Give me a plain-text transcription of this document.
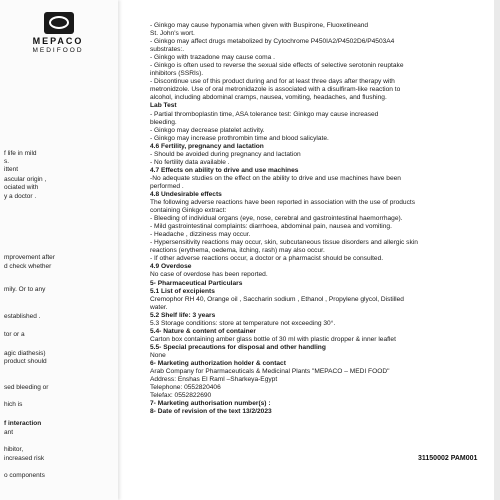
MEPACO
MEDIFOOD
f life in mild
s.
ittent
ascular origin ,
ociated with
y a doctor .
mprovement after
d check whether
mily. Or to any
established .
tor or a
agic diathesis)
product should
sed bleeding or
hich is
f interaction
ant
hibitor,
increased risk
o components
- Ginkgo may cause hyponamia when given with Buspirone, Fluoxetineand
St. John's wort.
- Ginkgo may affect drugs metabolized by Cytochrome P450IA2/P4502D6/P4503A4
substrates:.
- Ginkgo with trazadone may cause coma .
- Ginkgo is often used to reverse the sexual side effects of selective serotonin reuptake
inhibitors (SSRIs).
- Discontinue use of this product during and for at least three days after therapy with
metronidzole. Use of oral metronidazole is associated with a disulfiram-like reaction to
alcohol, including abdominal cramps, nausea, vomiting, headaches, and flushing.
Lab Test
- Partial thromboplastin time, ASA tolerance test: Ginkgo may cause increased
bleeding.
- Ginkgo may decrease platelet activity.
- Ginkgo may increase prothrombin time and blood salicylate.
4.6 Fertility, pregnancy and lactation
- Should be avoided during pregnancy and lactation
- No fertility data available .
4.7 Effects on ability to drive and use machines
-No adequate studies on the effect on the ability to drive and use machines have been
performed .
4.8 Undesirable effects
The following adverse reactions have been reported in association with the use of products
containing Ginkgo extract:
- Bleeding of individual organs (eye, nose, cerebral and gastrointestinal haemorrhage).
- Mild gastrointestinal complaints: diarrhoea, abdominal pain, nausea and vomiting.
- Headache , dizziness may occur.
- Hypersensitivity reactions may occur, skin, subcutaneous tissue disorders and allergic skin
reactions (erythema, oedema, itching, rash) may also occur.
- If other adverse reactions occur, a doctor or a pharmacist should be consulted.
4.9 Overdose
No case of overdose has been reported.
5- Pharmaceutical Particulars
5.1 List of excipients
Cremophor RH 40, Orange oil , Saccharin sodium , Ethanol , Propylene glycol, Distilled
water.
5.2 Shelf life: 3 years
5.3 Storage conditions: store at temperature not exceeding 30°.
5.4- Nature & content of container
Carton box containing amber glass bottle of 30 ml with plastic dropper & inner leaflet
5.5- Special precautions for disposal and other handling
None
6- Marketing authorization holder & contact
Arab Company for Pharmaceuticals & Medicinal Plants "MEPACO – MEDI FOOD"
Address: Enshas El Raml –Sharkeya-Egypt
Telephone: 0552820406
Telefax: 0552822690
7- Marketing authorisation number(s) :
8- Date of revision of the text 13/2/2023
31150002 PAM001
